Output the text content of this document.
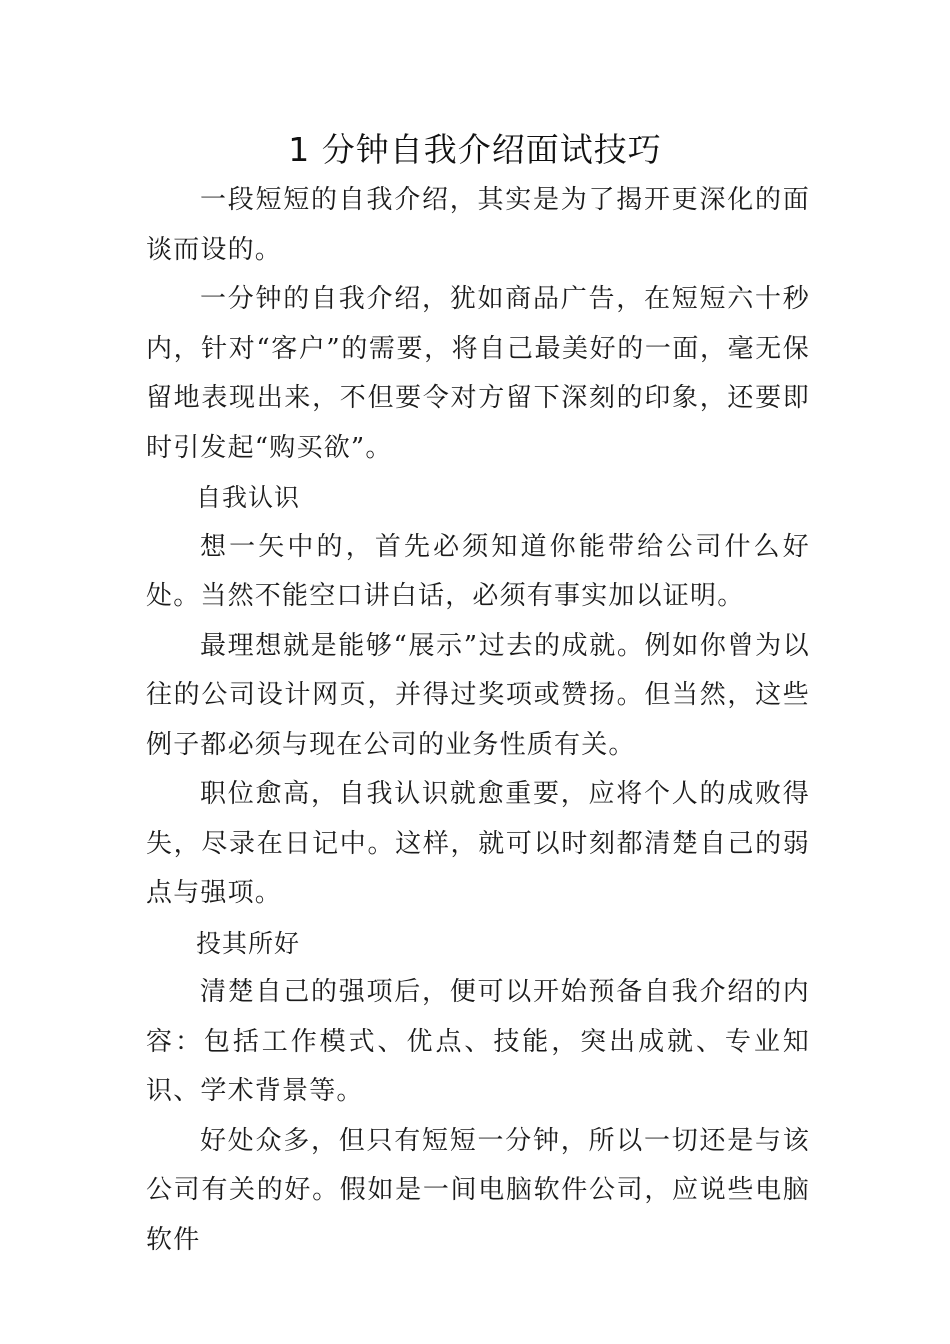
1 分钟自我介绍面试技巧

一段短短的自我介绍，其实是为了揭开更深化的面谈而设的。

一分钟的自我介绍，犹如商品广告，在短短六十秒内，针对“客户”的需要，将自己最美好的一面，毫无保留地表现出来，不但要令对方留下深刻的印象，还要即时引发起“购买欲”。

自我认识

想一矢中的，首先必须知道你能带给公司什么好处。当然不能空口讲白话，必须有事实加以证明。

最理想就是能够“展示”过去的成就。例如你曾为以往的公司设计网页，并得过奖项或赞扬。但当然，这些例子都必须与现在公司的业务性质有关。

职位愈高，自我认识就愈重要，应将个人的成败得失，尽录在日记中。这样，就可以时刻都清楚自己的弱点与强项。

投其所好

清楚自己的强项后，便可以开始预备自我介绍的内容：包括工作模式、优点、技能，突出成就、专业知识、学术背景等。

好处众多，但只有短短一分钟，所以一切还是与该公司有关的好。假如是一间电脑软件公司，应说些电脑软件
